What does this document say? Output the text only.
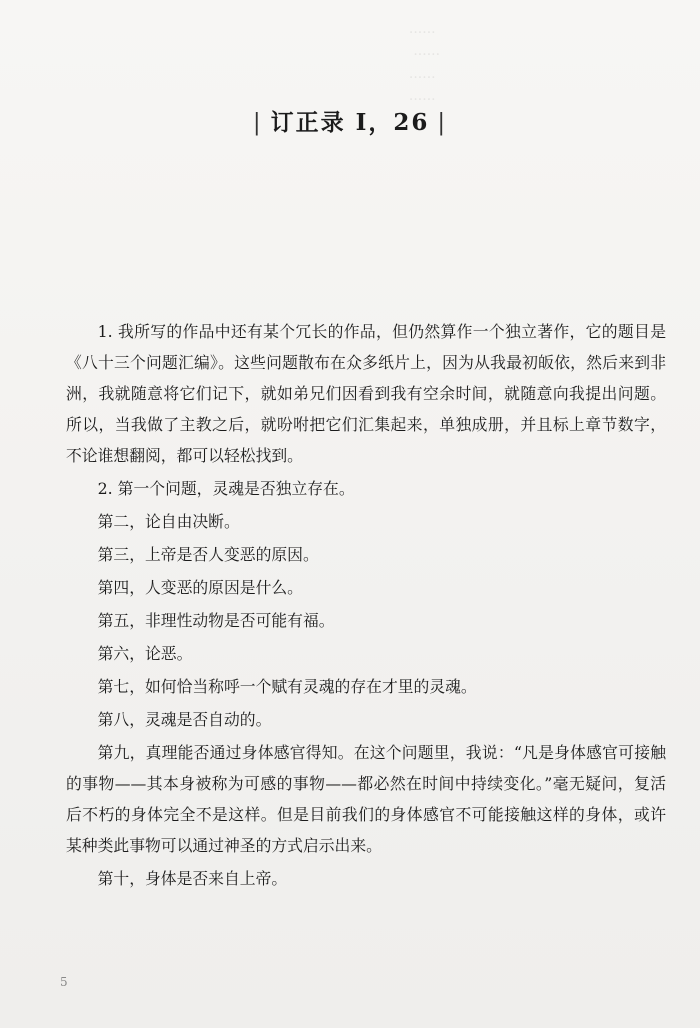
······
······
······
······
| 订正录 I，26 |

1. 我所写的作品中还有某个冗长的作品，但仍然算作一个独立著作，它的题目是《八十三个问题汇编》。这些问题散布在众多纸片上，因为从我最初皈依，然后来到非洲，我就随意将它们记下，就如弟兄们因看到我有空余时间，就随意向我提出问题。所以，当我做了主教之后，就吩咐把它们汇集起来，单独成册，并且标上章节数字，不论谁想翻阅，都可以轻松找到。

2. 第一个问题，灵魂是否独立存在。

第二，论自由决断。

第三，上帝是否人变恶的原因。

第四，人变恶的原因是什么。

第五，非理性动物是否可能有福。

第六，论恶。

第七，如何恰当称呼一个赋有灵魂的存在才里的灵魂。

第八，灵魂是否自动的。

第九，真理能否通过身体感官得知。在这个问题里，我说：“凡是身体感官可接触的事物——其本身被称为可感的事物——都必然在时间中持续变化。”毫无疑问，复活后不朽的身体完全不是这样。但是目前我们的身体感官不可能接触这样的身体，或许某种类此事物可以通过神圣的方式启示出来。

第十，身体是否来自上帝。

5
